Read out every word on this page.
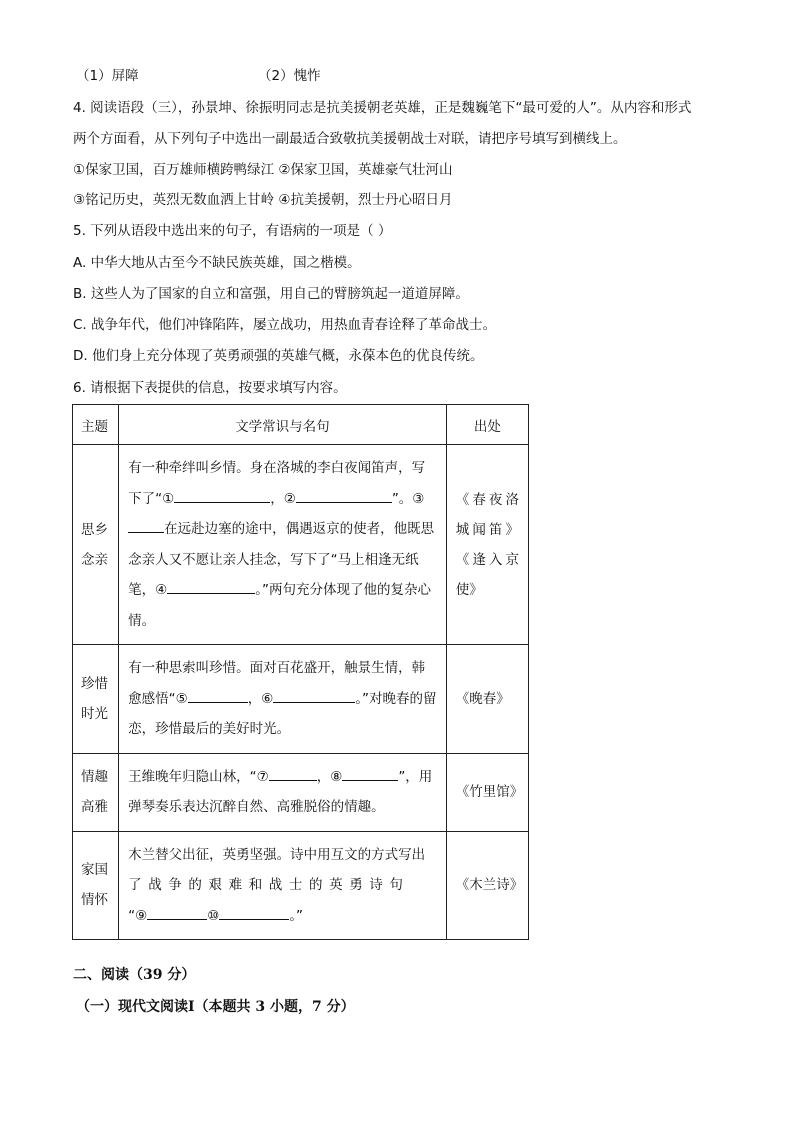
（1）屏障	（2）愧怍
4. 阅读语段（三），孙景坤、徐振明同志是抗美援朝老英雄，正是魏巍笔下“最可爱的人”。从内容和形式
两个方面看，从下列句子中选出一副最适合致敬抗美援朝战士对联，请把序号填写到横线上。
①保家卫国，百万雄师横跨鸭绿江 ②保家卫国，英雄豪气壮河山
③铭记历史，英烈无数血洒上甘岭 ④抗美援朝，烈士丹心昭日月
5. 下列从语段中选出来的句子，有语病的一项是（ ）
A. 中华大地从古至今不缺民族英雄，国之楷模。
B. 这些人为了国家的自立和富强，用自己的臂膀筑起一道道屏障。
C. 战争年代，他们冲锋陷阵，屡立战功，用热血青春诠释了革命战士。
D. 他们身上充分体现了英勇顽强的英雄气概，永葆本色的优良传统。
6. 请根据下表提供的信息，按要求填写内容。
主题	文学常识与名句	出处
思乡念亲	有一种牵绊叫乡情。身在洛城的李白夜闻笛声，写下了“① ，② ”。③在远赴边塞的途中，偶遇返京的使者，他既思念亲人又不愿让亲人挂念，写下了“马上相逢无纸笔，④ 。”两句充分体现了他的复杂心情。	《春夜洛城闻笛》《逢入京使》
珍惜时光	有一种思索叫珍惜。面对百花盛开，触景生情，韩愈感悟“⑤ ，⑥ 。”对晚春的留恋，珍惜最后的美好时光。	《晚春》
情趣高雅	王维晚年归隐山林，“⑦ ，⑧ ”，用弹琴奏乐表达沉醉自然、高雅脱俗的情趣。	《竹里馆》
家国情怀	木兰替父出征，英勇坚强。诗中用互文的方式写出
了战争的艰难和战士的英勇诗句
“⑨ ⑩ 。”	《木兰诗》
二、阅读（39 分）
（一）现代文阅读Ⅰ（本题共 3 小题，7 分）
